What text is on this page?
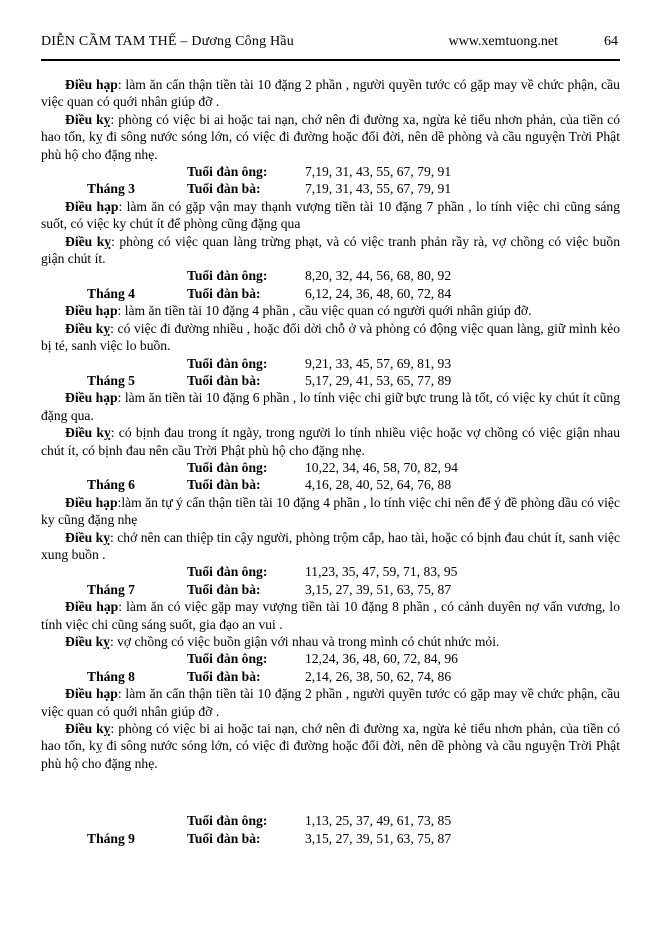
DIỄN CẦM TAM THẾ – Dương Công Hầu	www.xemtuong.net	64

Điều hạp: làm ăn cẩn thận tiền tài 10 đặng 2 phần , người quyền tước có gặp may về chức phận, cầu việc quan có quới nhân giúp đỡ .

Điều kỵ: phòng có việc bi ai hoặc tai nạn, chớ nên đi đường xa, ngừa kẻ tiểu nhơn phản, của tiền có hao tốn, kỵ đi sông nước sóng lớn, có việc đi đường hoặc đổi đời, nên dề phòng và cầu nguyện Trời Phật phù hộ cho đặng nhẹ.

Tuổi đàn ông:	7,19, 31, 43, 55, 67, 79, 91
Tháng 3	Tuổi đàn bà:	7,19, 31, 43, 55, 67, 79, 91

Điều hạp: làm ăn có gặp vận may thạnh vượng tiền tài 10 đặng 7 phần , lo tính việc chi cũng sáng suốt, có việc ky chút ít để phòng cũng đặng qua

Điều kỵ: phòng có việc quan làng trừng phạt, và có việc tranh phản rầy rà, vợ chồng có việc buồn giận chút ít.

Tuổi đàn ông:	8,20, 32, 44, 56, 68, 80, 92
Tháng 4	Tuổi đàn bà:	6,12, 24, 36, 48, 60, 72, 84

Điều hạp: làm ăn tiền tài 10 đặng 4 phần , cầu việc quan có người quới nhân giúp đỡ.

Điều kỵ: có việc đi đường nhiều , hoặc đổi dời chỗ ở và phòng có động việc quan làng, giữ mình kẻo bị té, sanh việc lo buồn.

Tuổi đàn ông:	9,21, 33, 45, 57, 69, 81, 93
Tháng 5	Tuổi đàn bà:	5,17, 29, 41, 53, 65, 77, 89

Điều hạp: làm ăn tiền tài 10 đặng 6 phần , lo tính việc chi giữ bực trung là tốt, có việc ky chút ít cũng đặng qua.

Điều kỵ: có bịnh đau trong ít ngày, trong người lo tính nhiều việc hoặc vợ chồng có việc giận nhau chút ít, có bịnh đau nên cầu Trời Phật phù hộ cho đặng nhẹ.

Tuổi đàn ông:	10,22, 34, 46, 58, 70, 82, 94
Tháng 6	Tuổi đàn bà:	4,16, 28, 40, 52, 64, 76, 88

Điều hạp:làm ăn tự ý cẩn thận tiền tài 10 đặng 4 phần , lo tính việc chi nên để ý đề phòng dầu có việc ky cũng đặng nhẹ

Điều kỵ: chớ nên can thiệp tin cậy người, phòng trộm cắp, hao tài, hoặc có bịnh đau chút ít, sanh việc xung buồn .

Tuổi đàn ông:	11,23, 35, 47, 59, 71, 83, 95
Tháng 7	Tuổi đàn bà:	3,15, 27, 39, 51, 63, 75, 87

Điều hạp: làm ăn có việc gặp may vượng tiền tài 10 đặng 8 phần , có cảnh duyên nợ vấn vương, lo tính việc chi cũng sáng suốt, gia đạo an vui .

Điều kỵ: vợ chồng có việc buồn giận với nhau và trong mình có chút nhức mỏi.

Tuổi đàn ông:	12,24, 36, 48, 60, 72, 84, 96
Tháng 8	Tuổi đàn bà:	2,14, 26, 38, 50, 62, 74, 86

Điều hạp: làm ăn cẩn thận tiền tài 10 đặng 2 phần , người quyền tước có gặp may về chức phận, cầu việc quan có quới nhân giúp đỡ .

Điều kỵ: phòng có việc bi ai hoặc tai nạn, chớ nên đi đường xa, ngừa kẻ tiểu nhơn phản, của tiền có hao tốn, kỵ đi sông nước sóng lớn, có việc đi đường hoặc đổi đời, nên dề phòng và cầu nguyện Trời Phật phù hộ cho đặng nhẹ.

Tuổi đàn ông:	1,13, 25, 37, 49, 61, 73, 85
Tháng 9	Tuổi đàn bà:	3,15, 27, 39, 51, 63, 75, 87
